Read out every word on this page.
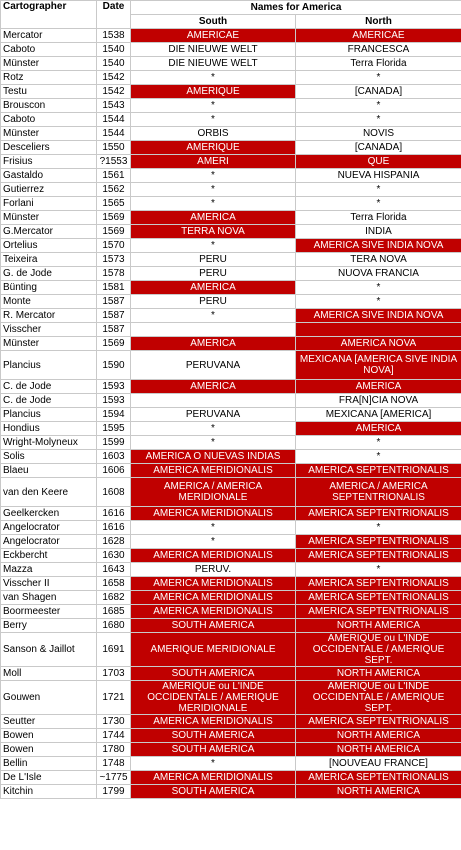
Cartographer	Date	Names for America	
		South	North
Mercator	1538	AMERICAE	AMERICAE
Caboto	1540	DIE NIEUWE WELT	FRANCESCA
Münster	1540	DIE NIEUWE WELT	Terra Florida
Rotz	1542	*	*
Testu	1542	AMERIQUE	[CANADA]
Brouscon	1543	*	*
Caboto	1544	*	*
Münster	1544	ORBIS	NOVIS
Desceliers	1550	AMERIQUE	[CANADA]
Frisius	?1553	AMERI	QUE
Gastaldo	1561	*	NUEVA HISPANIA
Gutierrez	1562	*	*
Forlani	1565	*	*
Münster	1569	AMERICA	Terra Florida
G.Mercator	1569	TERRA NOVA	INDIA
Ortelius	1570	*	AMERICA SIVE INDIA NOVA
Teixeira	1573	PERU	TERA NOVA
G. de Jode	1578	PERU	NUOVA FRANCIA
Bünting	1581	AMERICA	*
Monte	1587	PERU	*
R. Mercator	1587	*	AMERICA SIVE INDIA NOVA
Visscher	1587		
Münster	1569	AMERICA	AMERICA NOVA
Plancius	1590	PERUVANA	MEXICANA [AMERICA SIVE INDIA NOVA]
C. de Jode	1593	AMERICA	AMERICA
C. de Jode	1593		FRA[N]CIA NOVA
Plancius	1594	PERUVANA	MEXICANA [AMERICA]
Hondius	1595	*	AMERICA
Wright-Molyneux	1599	*	*
Solis	1603	AMERICA O NUEVAS INDIAS	*
Blaeu	1606	AMERICA MERIDIONALIS	AMERICA SEPTENTRIONALIS
van den Keere	1608	AMERICA / AMERICA MERIDIONALE	AMERICA / AMERICA SEPTENTRIONALIS
Geelkercken	1616	AMERICA MERIDIONALIS	AMERICA SEPTENTRIONALIS
Angelocrator	1616	*	*
Angelocrator	1628	*	AMERICA SEPTENTRIONALIS
Eckbercht	1630	AMERICA MERIDIONALIS	AMERICA SEPTENTRIONALIS
Mazza	1643	PERUV.	*
Visscher II	1658	AMERICA MERIDIONALIS	AMERICA SEPTENTRIONALIS
van Shagen	1682	AMERICA MERIDIONALIS	AMERICA SEPTENTRIONALIS
Boormeester	1685	AMERICA MERIDIONALIS	AMERICA SEPTENTRIONALIS
Berry	1680	SOUTH AMERICA	NORTH AMERICA
Sanson & Jaillot	1691	AMERIQUE MERIDIONALE	AMERIQUE ou L'INDE OCCIDENTALE / AMERIQUE SEPT.
Moll	1703	SOUTH AMERICA	NORTH AMERICA
Gouwen	1721	AMERIQUE ou L'INDE OCCIDENTALE / AMERIQUE MERIDIONALE	AMERIQUE ou L'INDE OCCIDENTALE / AMERIQUE SEPT.
Seutter	1730	AMERICA MERIDIONALIS	AMERICA SEPTENTRIONALIS
Bowen	1744	SOUTH AMERICA	NORTH AMERICA
Bowen	1780	SOUTH AMERICA	NORTH AMERICA
Bellin	1748	*	[NOUVEAU FRANCE]
De L'Isle	~1775	AMERICA MERIDIONALIS	AMERICA SEPTENTRIONALIS
Kitchin	1799	SOUTH AMERICA	NORTH AMERICA
